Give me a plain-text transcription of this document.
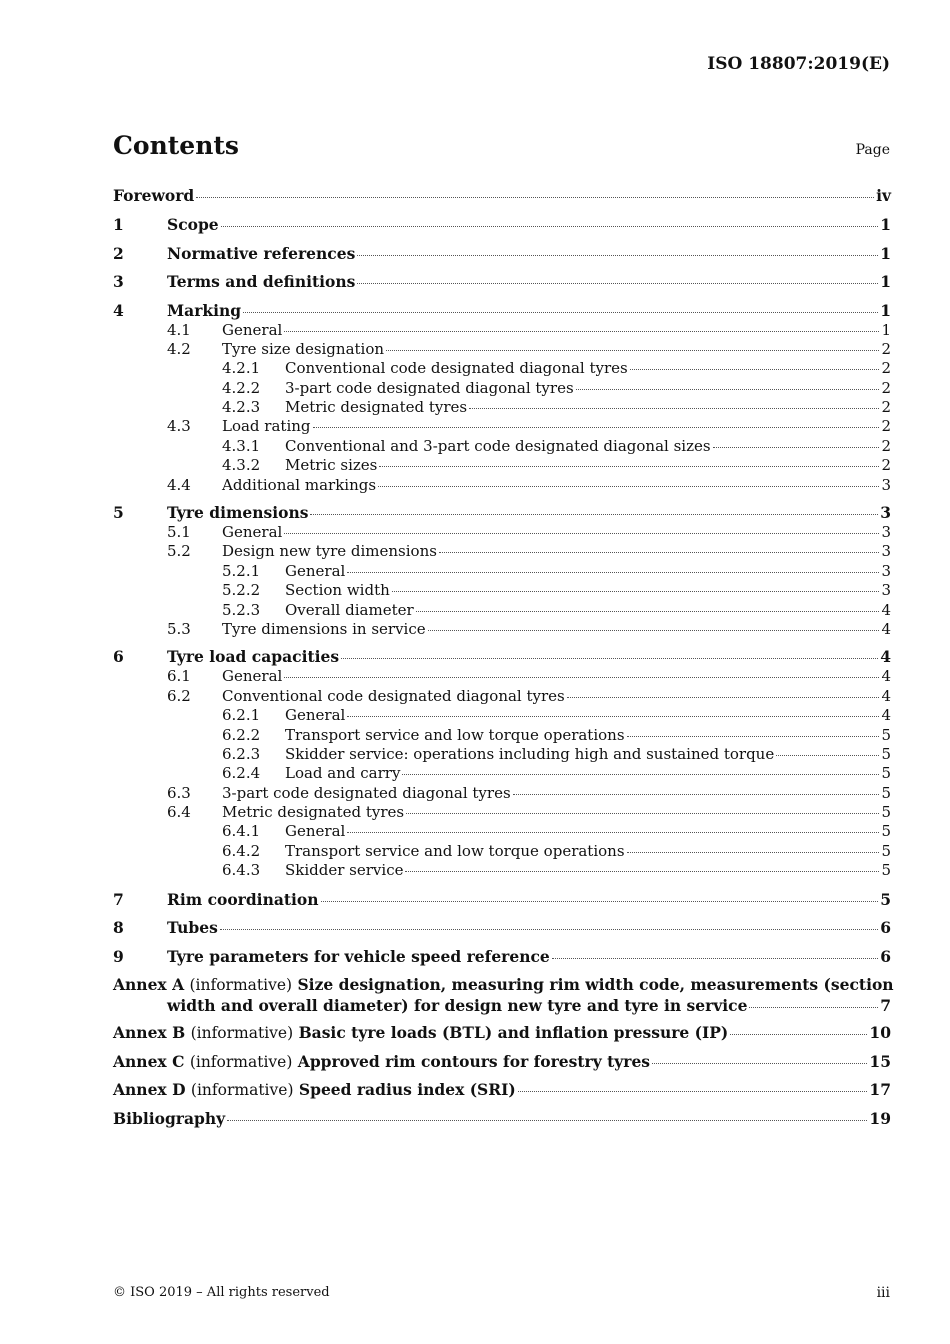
ISO 18807:2019(E)
Contents	Page
Foreword	iv
1	Scope	1
2	Normative references	1
3	Terms and definitions	1
4	Marking	1
4.1	General	1
4.2	Tyre size designation	2
4.2.1	Conventional code designated diagonal tyres	2
4.2.2	3-part code designated diagonal tyres	2
4.2.3	Metric designated tyres	2
4.3	Load rating	2
4.3.1	Conventional and 3-part code designated diagonal sizes	2
4.3.2	Metric sizes	2
4.4	Additional markings	3
5	Tyre dimensions	3
5.1	General	3
5.2	Design new tyre dimensions	3
5.2.1	General	3
5.2.2	Section width	3
5.2.3	Overall diameter	4
5.3	Tyre dimensions in service	4
6	Tyre load capacities	4
6.1	General	4
6.2	Conventional code designated diagonal tyres	4
6.2.1	General	4
6.2.2	Transport service and low torque operations	5
6.2.3	Skidder service: operations including high and sustained torque	5
6.2.4	Load and carry	5
6.3	3-part code designated diagonal tyres	5
6.4	Metric designated tyres	5
6.4.1	General	5
6.4.2	Transport service and low torque operations	5
6.4.3	Skidder service	5
7	Rim coordination	5
8	Tubes	6
9	Tyre parameters for vehicle speed reference	6
Annex A (informative) Size designation, measuring rim width code, measurements (section
width and overall diameter) for design new tyre and tyre in service	7
Annex B (informative) Basic tyre loads (BTL) and inflation pressure (IP)	10
Annex C (informative) Approved rim contours for forestry tyres	15
Annex D (informative) Speed radius index (SRI)	17
Bibliography	19
© ISO 2019 – All rights reserved	iii
